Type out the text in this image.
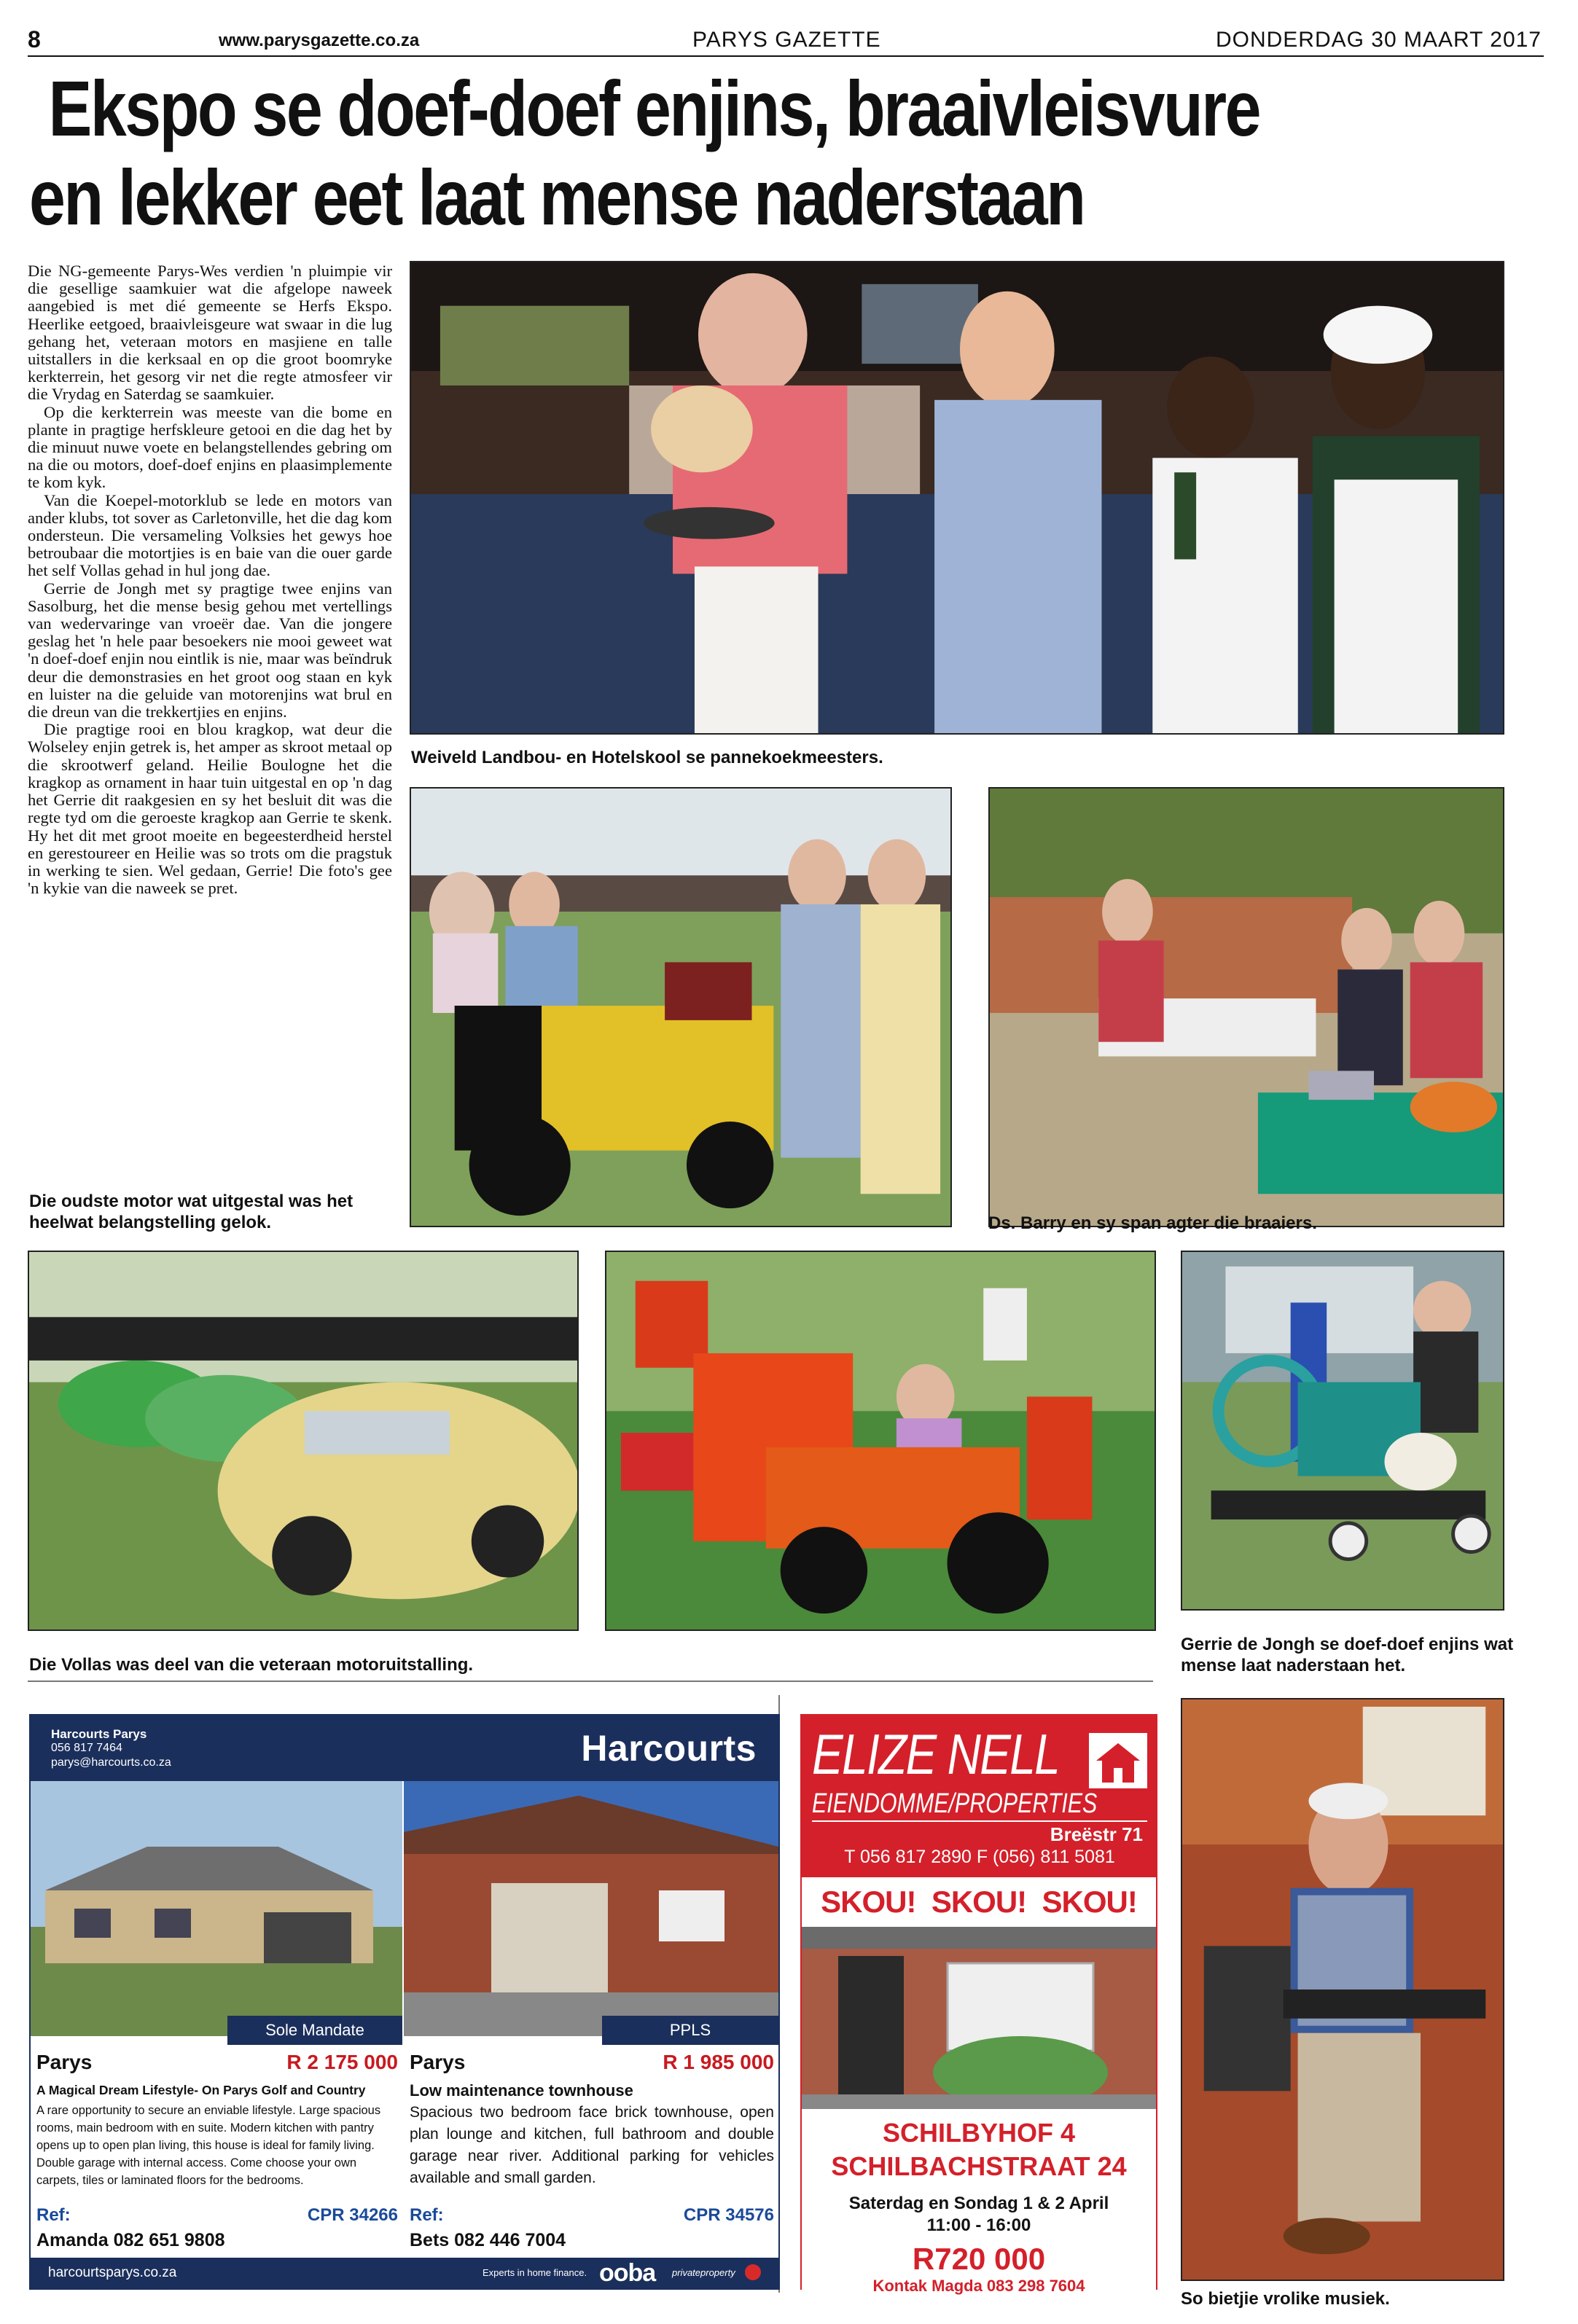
8	www.parysgazette.co.za	PARYS GAZETTE	DONDERDAG 30 MAART 2017
Ekspo se doef-doef enjins, braaivleisvure
en lekker eet laat mense naderstaan

Die NG-gemeente Parys-Wes verdien 'n pluimpie vir die gesellige saamkuier wat die afgelope naweek aangebied is met dié gemeente se Herfs Ekspo. Heerlike eetgoed, braaivleisgeure wat swaar in die lug gehang het, veteraan motors en masjiene en talle uitstallers in die kerksaal en op die groot boomryke kerkterrein, het gesorg vir net die regte atmosfeer vir die Vrydag en Saterdag se saamkuier.

Op die kerkterrein was meeste van die bome en plante in pragtige herfskleure getooi en die dag het by die minuut nuwe voete en belangstellendes gebring om na die ou motors, doef-doef enjins en plaasimplemente te kom kyk.

Van die Koepel-motorklub se lede en motors van ander klubs, tot sover as Carletonville, het die dag kom ondersteun. Die versameling Volksies het gewys hoe betroubaar die motortjies is en baie van die ouer garde het self Vollas gehad in hul jong dae.

Gerrie de Jongh met sy pragtige twee enjins van Sasolburg, het die mense besig gehou met vertellings van wedervaringe van vroeër dae. Van die jongere geslag het 'n hele paar besoekers nie mooi geweet wat 'n doef-doef enjin nou eintlik is nie, maar was beïndruk deur die demonstrasies en het groot oog staan en kyk en luister na die geluide van motorenjins wat brul en die dreun van die trekkertjies en enjins.

Die pragtige rooi en blou kragkop, wat deur die Wolseley enjin getrek is, het amper as skroot metaal op die skrootwerf geland. Heilie Boulogne het die kragkop as ornament in haar tuin uitgestal en op 'n dag het Gerrie dit raakgesien en sy het besluit dit was die regte tyd om die geroeste kragkop aan Gerrie te skenk. Hy het dit met groot moeite en begeesterdheid herstel en gerestoureer en Heilie was so trots om die pragstuk in werking te sien. Wel gedaan, Gerrie! Die foto's gee 'n kykie van die naweek se pret.

Weiveld Landbou- en Hotelskool se pannekoekmeesters.
Die oudste motor wat uitgestal was het
heelwat belangstelling gelok.	Ds. Barry en sy span agter die braaiers.
Die Vollas was deel van die veteraan motoruitstalling.
Gerrie de Jongh se doef-doef enjins wat
mense laat naderstaan het.
Harcourts Parys
056 817 7464
parys@harcourts.co.za	Harcourts
Sole Mandate	PPLS
Parys	R 2 175 000
A Magical Dream Lifestyle- On Parys Golf and Country
A rare opportunity to secure an enviable lifestyle. Large spacious rooms, main bedroom with en suite. Modern kitchen with pantry opens up to open plan living, this house is ideal for family living. Double garage with internal access. Come choose your own carpets, tiles or laminated floors for the bedrooms.
Ref:	CPR 34266
Amanda 082 651 9808
Parys	R 1 985 000
Low maintenance townhouse
Spacious two bedroom face brick townhouse, open plan lounge and kitchen, full bathroom and double garage near river. Additional parking for vehicles available and small garden.
Ref:	CPR 34576
Bets 082 446 7004
harcourtsparys.co.za	Experts in home finance. ooba privateproperty
ELIZE NELL
EIENDOMME/PROPERTIES
Breëstr 71
T 056 817 2890 F (056) 811 5081
SKOU!  SKOU!  SKOU!
SCHILBYHOF 4
SCHILBACHSTRAAT 24
Saterdag en Sondag 1 & 2 April
11:00 - 16:00
R720 000
Kontak Magda 083 298 7604
So bietjie vrolike musiek.
